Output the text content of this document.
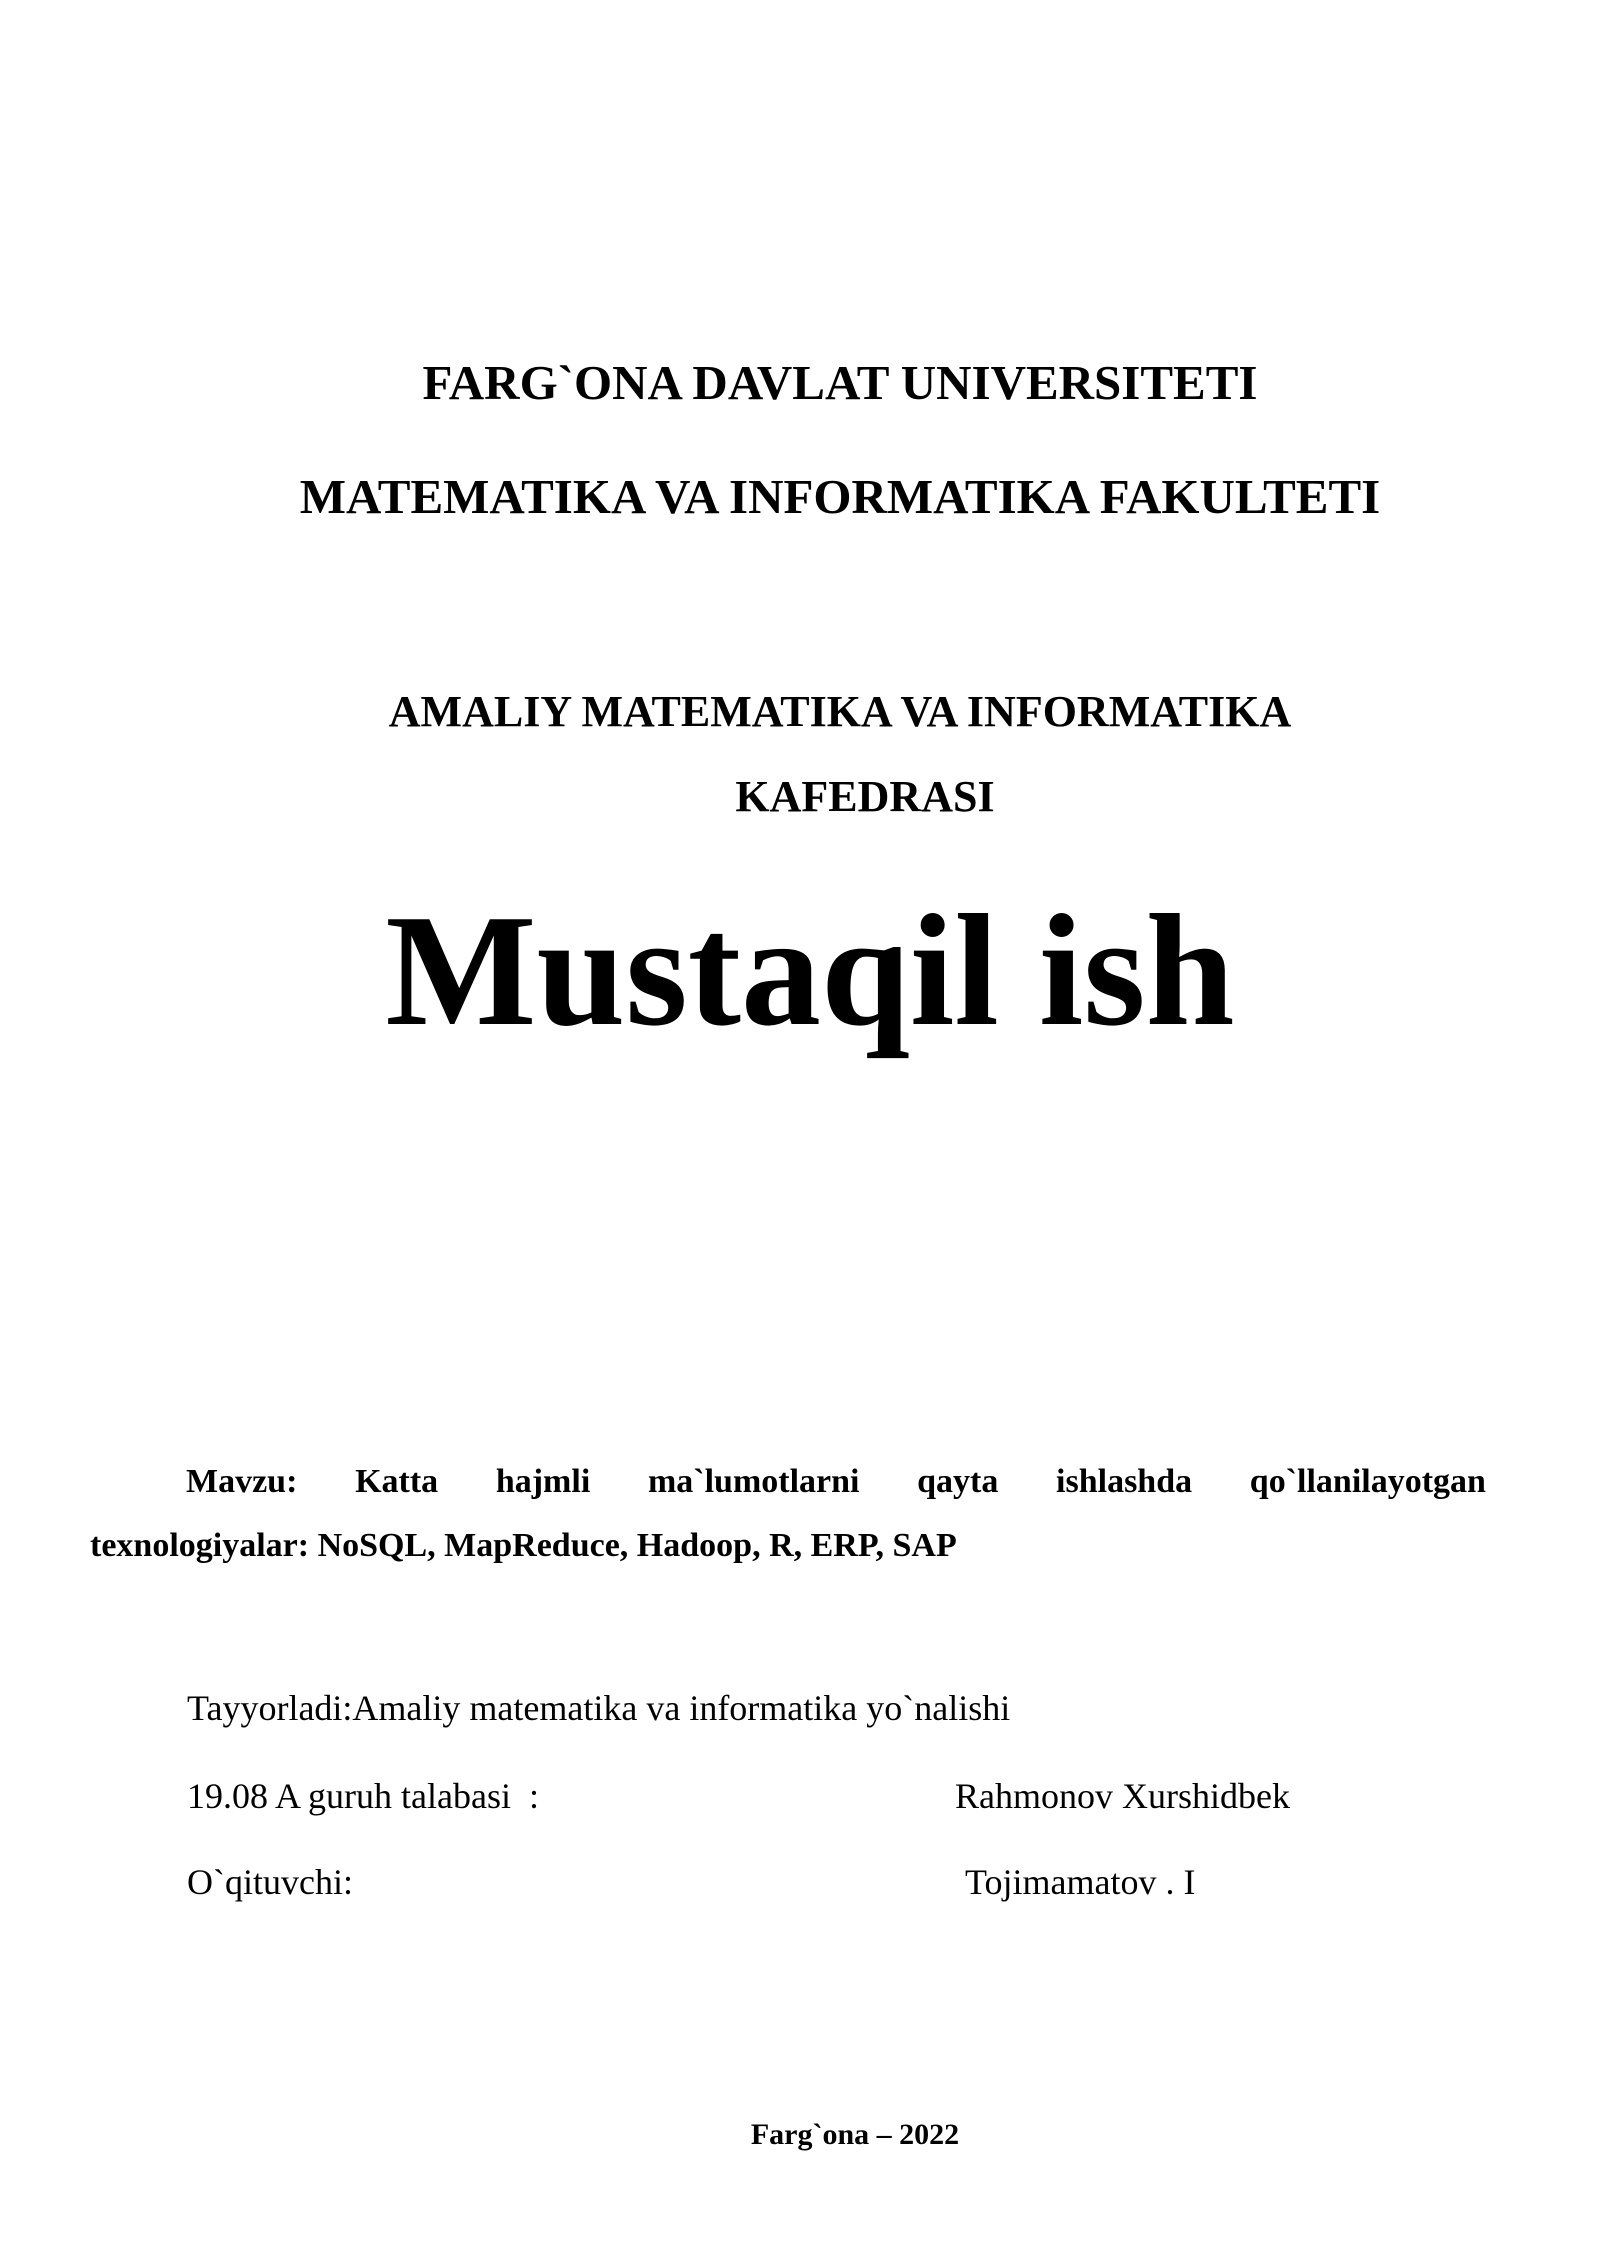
FARG`ONA DAVLAT UNIVERSITETI
MATEMATIKA VA INFORMATIKA FAKULTETI
AMALIY MATEMATIKA VA INFORMATIKA
KAFEDRASI
Mustaqil ish
Mavzu: Katta hajmli ma`lumotlarni qayta ishlashda qo`llanilayotgan
texnologiyalar: NoSQL, MapReduce, Hadoop, R, ERP, SAP
Tayyorladi:Amaliy matematika va informatika yo`nalishi
19.08 A guruh talabasi  :	Rahmonov Xurshidbek
O`qituvchi:	Tojimamatov . I
Farg`ona – 2022
